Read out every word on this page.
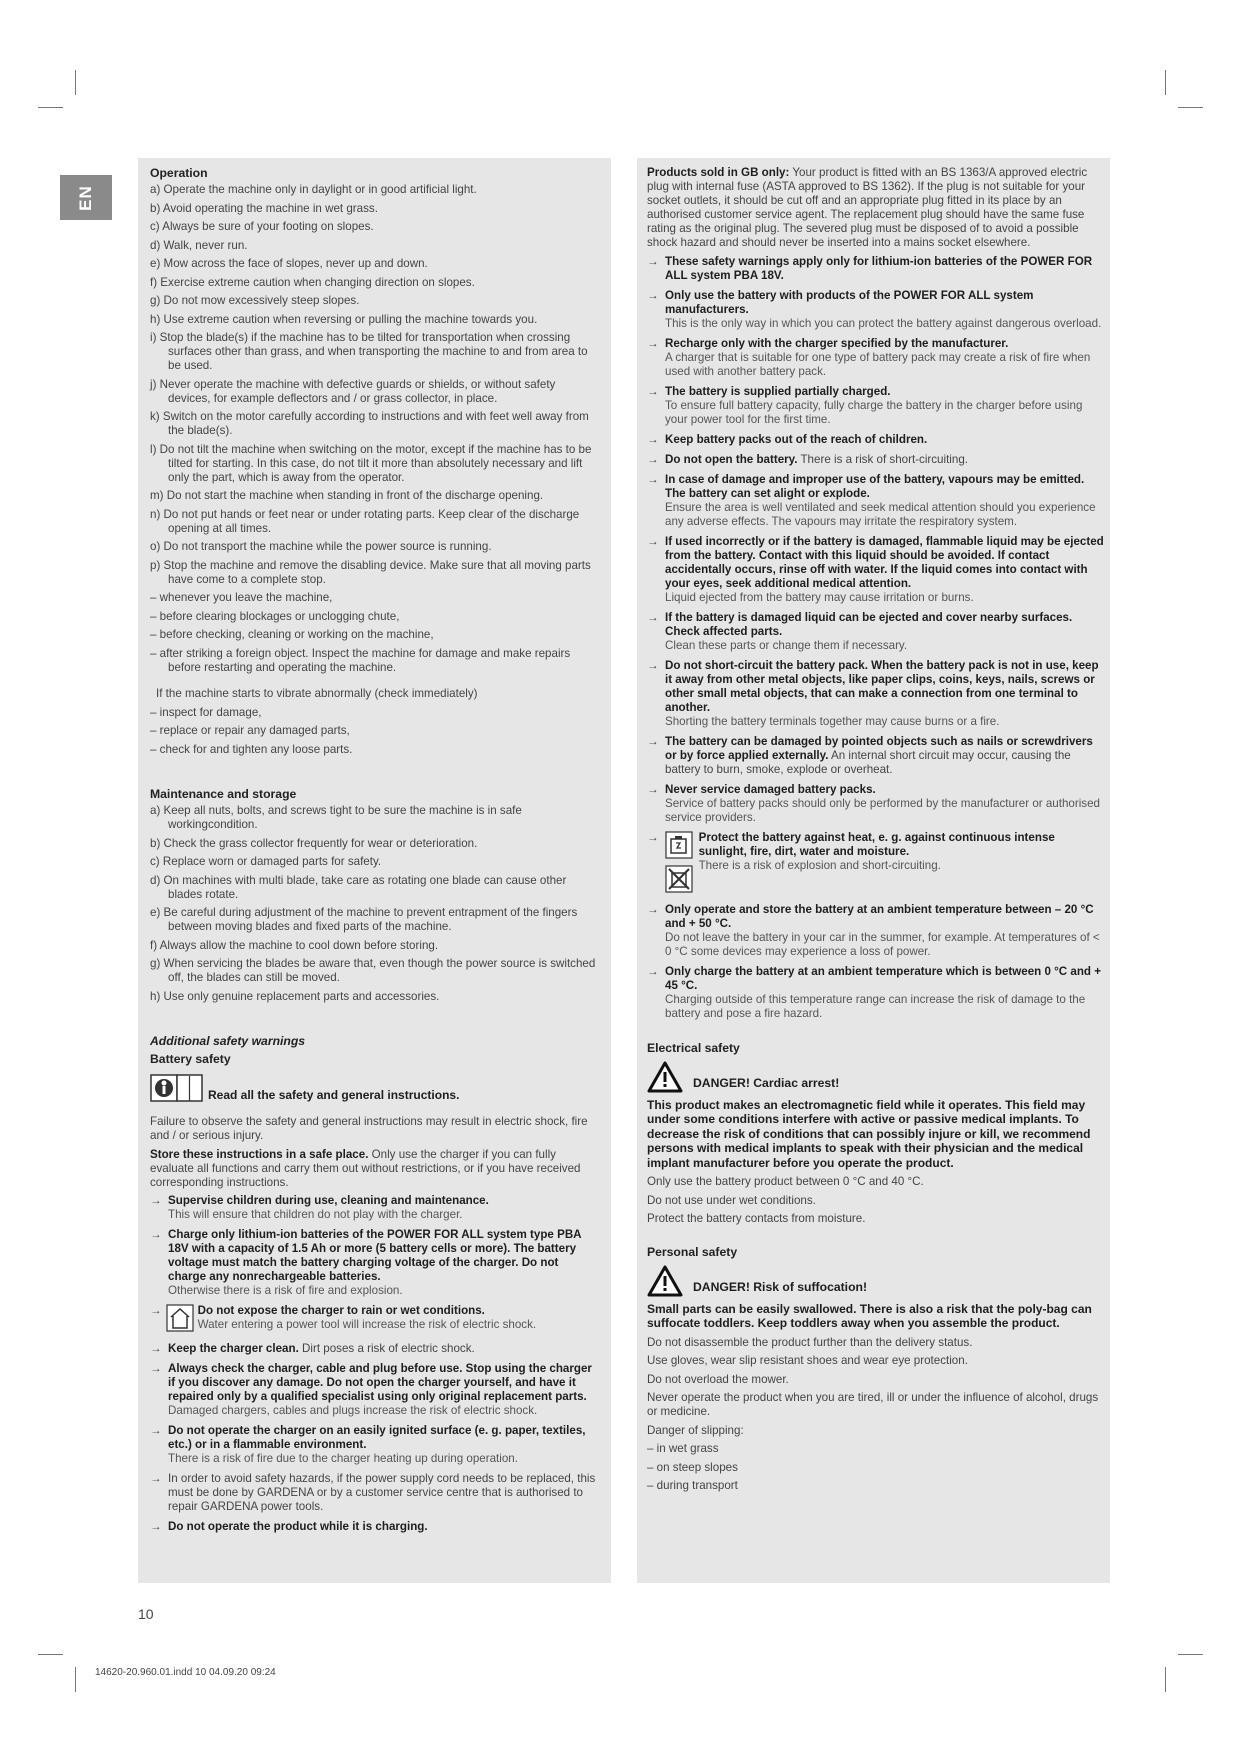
EN
Operation
a) Operate the machine only in daylight or in good artificial light.
b) Avoid operating the machine in wet grass.
c) Always be sure of your footing on slopes.
d) Walk, never run.
e) Mow across the face of slopes, never up and down.
f) Exercise extreme caution when changing direction on slopes.
g) Do not mow excessively steep slopes.
h) Use extreme caution when reversing or pulling the machine towards you.
i) Stop the blade(s) if the machine has to be tilted for transportation when crossing surfaces other than grass, and when transporting the machine to and from area to be used.
j) Never operate the machine with defective guards or shields, or without safety devices, for example deflectors and / or grass collector, in place.
k) Switch on the motor carefully according to instructions and with feet well away from the blade(s).
l) Do not tilt the machine when switching on the motor, except if the machine has to be tilted for starting. In this case, do not tilt it more than absolutely necessary and lift only the part, which is away from the operator.
m) Do not start the machine when standing in front of the discharge opening.
n) Do not put hands or feet near or under rotating parts. Keep clear of the discharge opening at all times.
o) Do not transport the machine while the power source is running.
p) Stop the machine and remove the disabling device. Make sure that all moving parts have come to a complete stop.
– whenever you leave the machine,
– before clearing blockages or unclogging chute,
– before checking, cleaning or working on the machine,
– after striking a foreign object. Inspect the machine for damage and make repairs before restarting and operating the machine.
If the machine starts to vibrate abnormally (check immediately)
– inspect for damage,
– replace or repair any damaged parts,
– check for and tighten any loose parts.
Maintenance and storage
a) Keep all nuts, bolts, and screws tight to be sure the machine is in safe workingcondition.
b) Check the grass collector frequently for wear or deterioration.
c) Replace worn or damaged parts for safety.
d) On machines with multi blade, take care as rotating one blade can cause other blades rotate.
e) Be careful during adjustment of the machine to prevent entrapment of the fingers between moving blades and fixed parts of the machine.
f) Always allow the machine to cool down before storing.
g) When servicing the blades be aware that, even though the power source is switched off, the blades can still be moved.
h) Use only genuine replacement parts and accessories.
Additional safety warnings
Battery safety
Read all the safety and general instructions.
Failure to observe the safety and general instructions may result in electric shock, fire and / or serious injury.
Store these instructions in a safe place. Only use the charger if you can fully evaluate all functions and carry them out without restrictions, or if you have received corresponding instructions.
→ Supervise children during use, cleaning and maintenance.
This will ensure that children do not play with the charger.
→ Charge only lithium-ion batteries of the POWER FOR ALL system type PBA 18V with a capacity of 1.5 Ah or more (5 battery cells or more). The battery voltage must match the battery charging voltage of the charger. Do not charge any nonrechargeable batteries.
Otherwise there is a risk of fire and explosion.
→	Do not expose the charger to rain or wet conditions.
Water entering a power tool will increase the risk of electric shock.
→ Keep the charger clean. Dirt poses a risk of electric shock.
→ Always check the charger, cable and plug before use. Stop using the charger if you discover any damage. Do not open the charger yourself, and have it repaired only by a qualified specialist using only original replacement parts.
Damaged chargers, cables and plugs increase the risk of electric shock.
→ Do not operate the charger on an easily ignited surface (e. g. paper, textiles, etc.) or in a flammable environment.
There is a risk of fire due to the charger heating up during operation.
→ In order to avoid safety hazards, if the power supply cord needs to be replaced, this must be done by GARDENA or by a customer service centre that is authorised to repair GARDENA power tools.
→ Do not operate the product while it is charging.
Products sold in GB only: Your product is fitted with an BS 1363/A approved electric plug with internal fuse (ASTA approved to BS 1362). If the plug is not suitable for your socket outlets, it should be cut off and an appropriate plug fitted in its place by an authorised customer service agent. The replacement plug should have the same fuse rating as the original plug. The severed plug must be disposed of to avoid a possible shock hazard and should never be inserted into a mains socket elsewhere.
→ These safety warnings apply only for lithium-ion batteries of the POWER FOR ALL system PBA 18V.
→ Only use the battery with products of the POWER FOR ALL system manufacturers.
This is the only way in which you can protect the battery against dangerous overload.
→ Recharge only with the charger specified by the manufacturer.
A charger that is suitable for one type of battery pack may create a risk of fire when used with another battery pack.
→ The battery is supplied partially charged.
To ensure full battery capacity, fully charge the battery in the charger before using your power tool for the first time.
→ Keep battery packs out of the reach of children.
→ Do not open the battery. There is a risk of short-circuiting.
→ In case of damage and improper use of the battery, vapours may be emitted. The battery can set alight or explode.
Ensure the area is well ventilated and seek medical attention should you experience any adverse effects. The vapours may irritate the respiratory system.
→ If used incorrectly or if the battery is damaged, flammable liquid may be ejected from the battery. Contact with this liquid should be avoided. If contact accidentally occurs, rinse off with water. If the liquid comes into contact with your eyes, seek additional medical attention.
Liquid ejected from the battery may cause irritation or burns.
→ If the battery is damaged liquid can be ejected and cover nearby surfaces. Check affected parts.
Clean these parts or change them if necessary.
→ Do not short-circuit the battery pack. When the battery pack is not in use, keep it away from other metal objects, like paper clips, coins, keys, nails, screws or other small metal objects, that can make a connection from one terminal to another.
Shorting the battery terminals together may cause burns or a fire.
→ The battery can be damaged by pointed objects such as nails or screwdrivers or by force applied externally. An internal short circuit may occur, causing the battery to burn, smoke, explode or overheat.
→ Never service damaged battery packs.
Service of battery packs should only be performed by the manufacturer or authorised service providers.
→	Protect the battery against heat, e. g. against continuous intense sunlight, fire, dirt, water and moisture.
There is a risk of explosion and short-circuiting.
→ Only operate and store the battery at an ambient temperature between – 20 °C and + 50 °C.
Do not leave the battery in your car in the summer, for example. At temperatures of < 0 °C some devices may experience a loss of power.
→ Only charge the battery at an ambient temperature which is between 0 °C and + 45 °C.
Charging outside of this temperature range can increase the risk of damage to the battery and pose a fire hazard.
Electrical safety
DANGER! Cardiac arrest!
This product makes an electromagnetic field while it operates. This field may under some conditions interfere with active or passive medical implants. To decrease the risk of conditions that can possibly injure or kill, we recommend persons with medical implants to speak with their physician and the medical implant manufacturer before you operate the product.
Only use the battery product between 0 °C and 40 °C.
Do not use under wet conditions.
Protect the battery contacts from moisture.
Personal safety
DANGER! Risk of suffocation!
Small parts can be easily swallowed. There is also a risk that the poly-bag can suffocate toddlers. Keep toddlers away when you assemble the product.
Do not disassemble the product further than the delivery status.
Use gloves, wear slip resistant shoes and wear eye protection.
Do not overload the mower.
Never operate the product when you are tired, ill or under the influence of alcohol, drugs or medicine.
Danger of slipping:
– in wet grass
– on steep slopes
– during transport
10
14620-20.960.01.indd 10 04.09.20 09:24
